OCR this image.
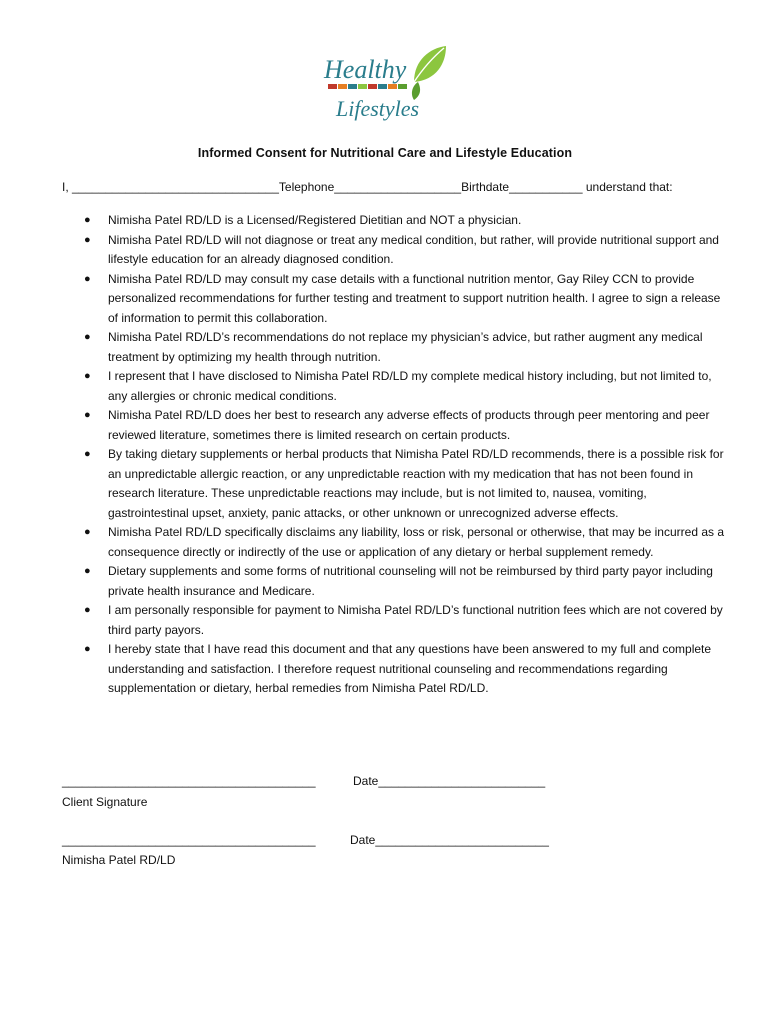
Healthy
Lifestyles
Informed Consent for Nutritional Care and Lifestyle Education
I, _______________________________Telephone___________________Birthdate___________ understand that:
● Nimisha Patel RD/LD is a Licensed/Registered Dietitian and NOT a physician.
● Nimisha Patel RD/LD will not diagnose or treat any medical condition, but rather, will provide nutritional support and lifestyle education for an already diagnosed condition.
● Nimisha Patel RD/LD may consult my case details with a functional nutrition mentor, Gay Riley CCN to provide personalized recommendations for further testing and treatment to support nutrition health. I agree to sign a release of information to permit this collaboration.
● Nimisha Patel RD/LD’s recommendations do not replace my physician’s advice, but rather augment any medical treatment by optimizing my health through nutrition.
● I represent that I have disclosed to Nimisha Patel RD/LD my complete medical history including, but not limited to, any allergies or chronic medical conditions.
● Nimisha Patel RD/LD does her best to research any adverse effects of products through peer mentoring and peer reviewed literature, sometimes there is limited research on certain products.
● By taking dietary supplements or herbal products that Nimisha Patel RD/LD recommends, there is a possible risk for an unpredictable allergic reaction, or any unpredictable reaction with my medication that has not been found in research literature. These unpredictable reactions may include, but is not limited to, nausea, vomiting, gastrointestinal upset, anxiety, panic attacks, or other unknown or unrecognized adverse effects.
● Nimisha Patel RD/LD specifically disclaims any liability, loss or risk, personal or otherwise, that may be incurred as a consequence directly or indirectly of the use or application of any dietary or herbal supplement remedy.
● Dietary supplements and some forms of nutritional counseling will not be reimbursed by third party payor including private health insurance and Medicare.
● I am personally responsible for payment to Nimisha Patel RD/LD’s functional nutrition fees which are not covered by third party payors.
● I hereby state that I have read this document and that any questions have been answered to my full and complete understanding and satisfaction. I therefore request nutritional counseling and recommendations regarding supplementation or dietary, herbal remedies from Nimisha Patel RD/LD.
______________________________________	Date_________________________
Client Signature
______________________________________	Date__________________________
Nimisha Patel RD/LD
